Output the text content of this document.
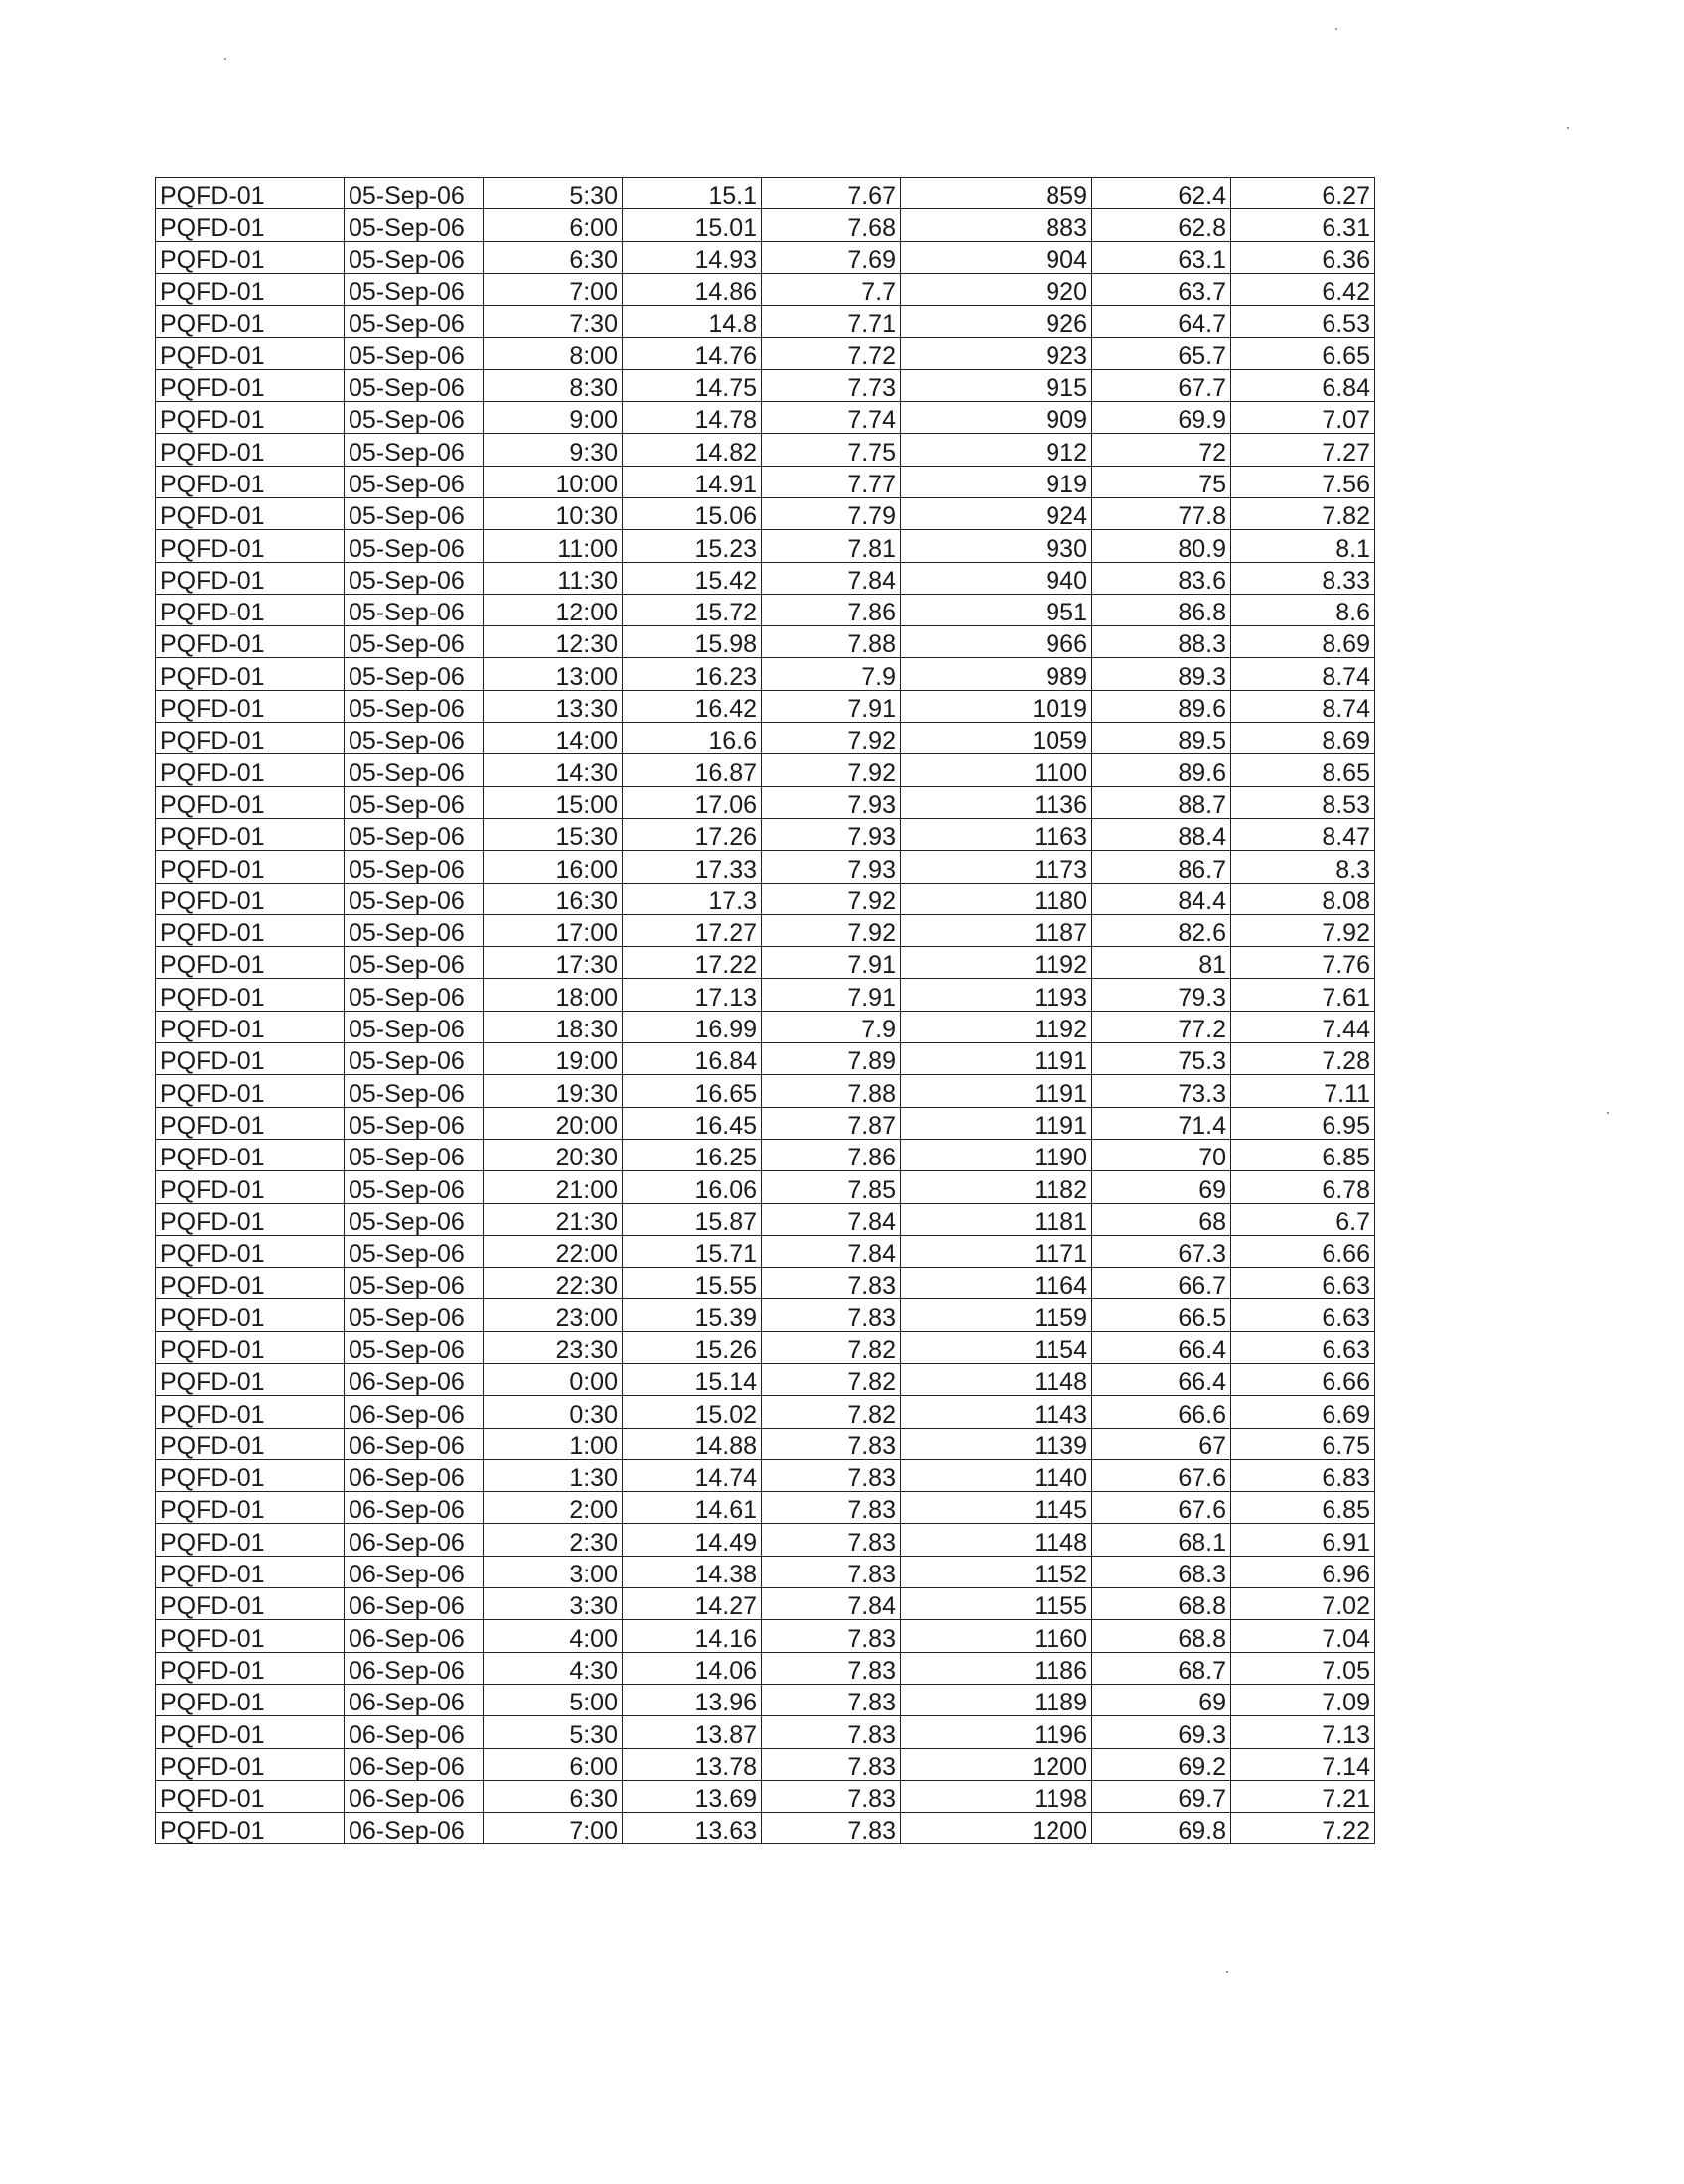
PQFD-01	05-Sep-06	5:30	15.1	7.67	859	62.4	6.27
PQFD-01	05-Sep-06	6:00	15.01	7.68	883	62.8	6.31
PQFD-01	05-Sep-06	6:30	14.93	7.69	904	63.1	6.36
PQFD-01	05-Sep-06	7:00	14.86	7.7	920	63.7	6.42
PQFD-01	05-Sep-06	7:30	14.8	7.71	926	64.7	6.53
PQFD-01	05-Sep-06	8:00	14.76	7.72	923	65.7	6.65
PQFD-01	05-Sep-06	8:30	14.75	7.73	915	67.7	6.84
PQFD-01	05-Sep-06	9:00	14.78	7.74	909	69.9	7.07
PQFD-01	05-Sep-06	9:30	14.82	7.75	912	72	7.27
PQFD-01	05-Sep-06	10:00	14.91	7.77	919	75	7.56
PQFD-01	05-Sep-06	10:30	15.06	7.79	924	77.8	7.82
PQFD-01	05-Sep-06	11:00	15.23	7.81	930	80.9	8.1
PQFD-01	05-Sep-06	11:30	15.42	7.84	940	83.6	8.33
PQFD-01	05-Sep-06	12:00	15.72	7.86	951	86.8	8.6
PQFD-01	05-Sep-06	12:30	15.98	7.88	966	88.3	8.69
PQFD-01	05-Sep-06	13:00	16.23	7.9	989	89.3	8.74
PQFD-01	05-Sep-06	13:30	16.42	7.91	1019	89.6	8.74
PQFD-01	05-Sep-06	14:00	16.6	7.92	1059	89.5	8.69
PQFD-01	05-Sep-06	14:30	16.87	7.92	1100	89.6	8.65
PQFD-01	05-Sep-06	15:00	17.06	7.93	1136	88.7	8.53
PQFD-01	05-Sep-06	15:30	17.26	7.93	1163	88.4	8.47
PQFD-01	05-Sep-06	16:00	17.33	7.93	1173	86.7	8.3
PQFD-01	05-Sep-06	16:30	17.3	7.92	1180	84.4	8.08
PQFD-01	05-Sep-06	17:00	17.27	7.92	1187	82.6	7.92
PQFD-01	05-Sep-06	17:30	17.22	7.91	1192	81	7.76
PQFD-01	05-Sep-06	18:00	17.13	7.91	1193	79.3	7.61
PQFD-01	05-Sep-06	18:30	16.99	7.9	1192	77.2	7.44
PQFD-01	05-Sep-06	19:00	16.84	7.89	1191	75.3	7.28
PQFD-01	05-Sep-06	19:30	16.65	7.88	1191	73.3	7.11
PQFD-01	05-Sep-06	20:00	16.45	7.87	1191	71.4	6.95
PQFD-01	05-Sep-06	20:30	16.25	7.86	1190	70	6.85
PQFD-01	05-Sep-06	21:00	16.06	7.85	1182	69	6.78
PQFD-01	05-Sep-06	21:30	15.87	7.84	1181	68	6.7
PQFD-01	05-Sep-06	22:00	15.71	7.84	1171	67.3	6.66
PQFD-01	05-Sep-06	22:30	15.55	7.83	1164	66.7	6.63
PQFD-01	05-Sep-06	23:00	15.39	7.83	1159	66.5	6.63
PQFD-01	05-Sep-06	23:30	15.26	7.82	1154	66.4	6.63
PQFD-01	06-Sep-06	0:00	15.14	7.82	1148	66.4	6.66
PQFD-01	06-Sep-06	0:30	15.02	7.82	1143	66.6	6.69
PQFD-01	06-Sep-06	1:00	14.88	7.83	1139	67	6.75
PQFD-01	06-Sep-06	1:30	14.74	7.83	1140	67.6	6.83
PQFD-01	06-Sep-06	2:00	14.61	7.83	1145	67.6	6.85
PQFD-01	06-Sep-06	2:30	14.49	7.83	1148	68.1	6.91
PQFD-01	06-Sep-06	3:00	14.38	7.83	1152	68.3	6.96
PQFD-01	06-Sep-06	3:30	14.27	7.84	1155	68.8	7.02
PQFD-01	06-Sep-06	4:00	14.16	7.83	1160	68.8	7.04
PQFD-01	06-Sep-06	4:30	14.06	7.83	1186	68.7	7.05
PQFD-01	06-Sep-06	5:00	13.96	7.83	1189	69	7.09
PQFD-01	06-Sep-06	5:30	13.87	7.83	1196	69.3	7.13
PQFD-01	06-Sep-06	6:00	13.78	7.83	1200	69.2	7.14
PQFD-01	06-Sep-06	6:30	13.69	7.83	1198	69.7	7.21
PQFD-01	06-Sep-06	7:00	13.63	7.83	1200	69.8	7.22
